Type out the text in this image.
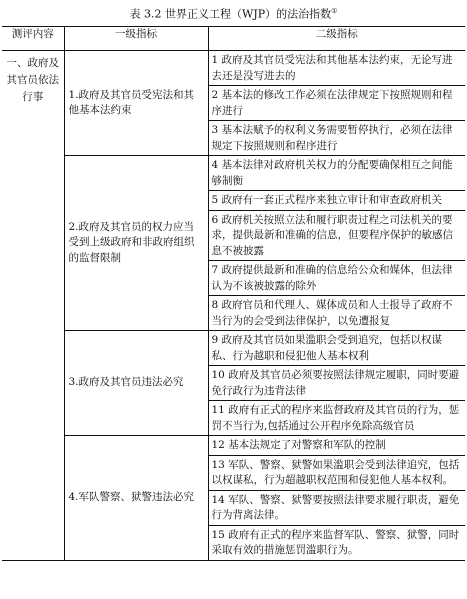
表 3.2 世界正义工程（WJP）的法治指数①
测评内容	一级指标	二级指标
一、政府及其官员依法行事	1.政府及其官员受宪法和其他基本法约束	1 政府及其官员受宪法和其他基本法约束，无论写进去还是没写进去的
		2 基本法的修改工作必须在法律规定下按照规则和程序进行
		3 基本法赋予的权利义务需要暂停执行，必须在法律规定下按照规则和程序进行
	2.政府及其官员的权力应当受到上级政府和非政府组织的监督限制	4 基本法律对政府机关权力的分配要确保相互之间能够制衡
		5 政府有一套正式程序来独立审计和审查政府机关
		6 政府机关按照立法和履行职责过程之司法机关的要求，提供最新和准确的信息，但要程序保护的敏感信息不被披露
		7 政府提供最新和准确的信息给公众和媒体，但法律认为不该被披露的除外
		8 政府官员和代理人、媒体成员和人士报导了政府不当行为的会受到法律保护，以免遭报复
	3.政府及其官员违法必究	9 政府及其官员如果滥职会受到追究，包括以权谋私、行为越职和侵犯他人基本权利
		10 政府及其官员必须要按照法律规定履职，同时要避免行政行为违背法律
		11 政府有正式的程序来监督政府及其官员的行为，惩罚不当行为,包括通过公开程序免除高级官员
	4.军队警察、狱警违法必究	12 基本法规定了对警察和军队的控制
		13 军队、警察、狱警如果滥职会受到法律追究，包括以权谋私，行为超越职权范围和侵犯他人基本权利。
		14 军队、警察、狱警要按照法律要求履行职责，避免行为背离法律。
		15 政府有正式的程序来监督军队、警察、狱警，同时采取有效的措施惩罚滥职行为。
